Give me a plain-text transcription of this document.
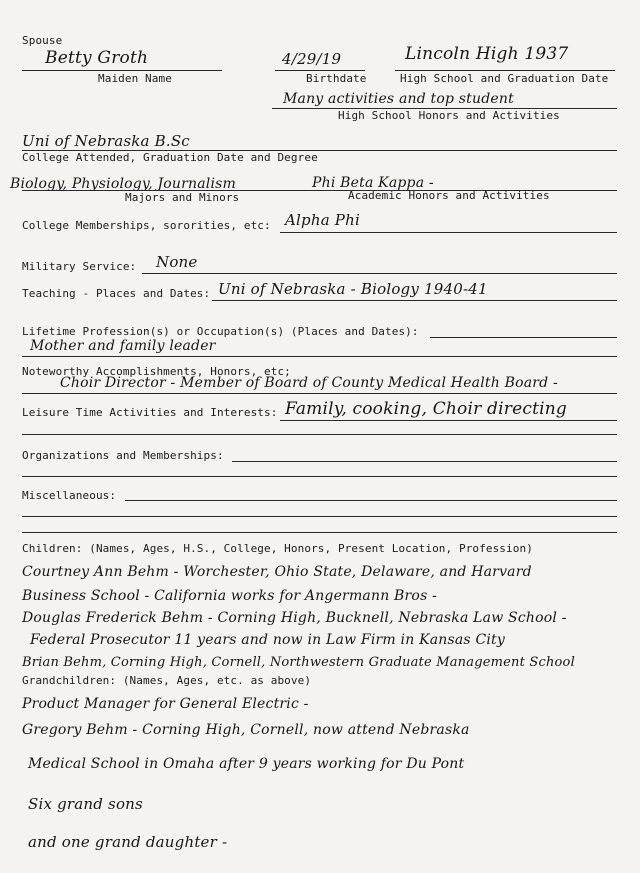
Spouse
Betty Groth	4/29/19	Lincoln High 1937
Maiden Name	Birthdate	High School and Graduation Date
Many activities and top student
High School Honors and Activities
Uni of Nebraska B.Sc
College Attended, Graduation Date and Degree
Biology, Physiology, Journalism	Phi Beta Kappa -
Majors and Minors	Academic Honors and Activities
College Memberships, sororities, etc: Alpha Phi
Military Service: None
Teaching - Places and Dates: Uni of Nebraska - Biology 1940-41
Lifetime Profession(s) or Occupation(s) (Places and Dates):
Mother and family leader
Noteworthy Accomplishments, Honors, etc;
Choir Director - Member of Board of County Medical Health Board -
Leisure Time Activities and Interests: Family, cooking, Choir directing
Organizations and Memberships:
Miscellaneous:
Children: (Names, Ages, H.S., College, Honors, Present Location, Profession)
Courtney Ann Behm - Worchester, Ohio State, Delaware, and Harvard
Business School - California works for Angermann Bros -
Douglas Frederick Behm - Corning High, Bucknell, Nebraska Law School -
Federal Prosecutor 11 years and now in Law Firm in Kansas City
Brian Behm, Corning High, Cornell, Northwestern Graduate Management School
Grandchildren: (Names, Ages, etc. as above)
Product Manager for General Electric -
Gregory Behm - Corning High, Cornell, now attend Nebraska
Medical School in Omaha after 9 years working for Du Pont
Six grand sons
and one grand daughter -
